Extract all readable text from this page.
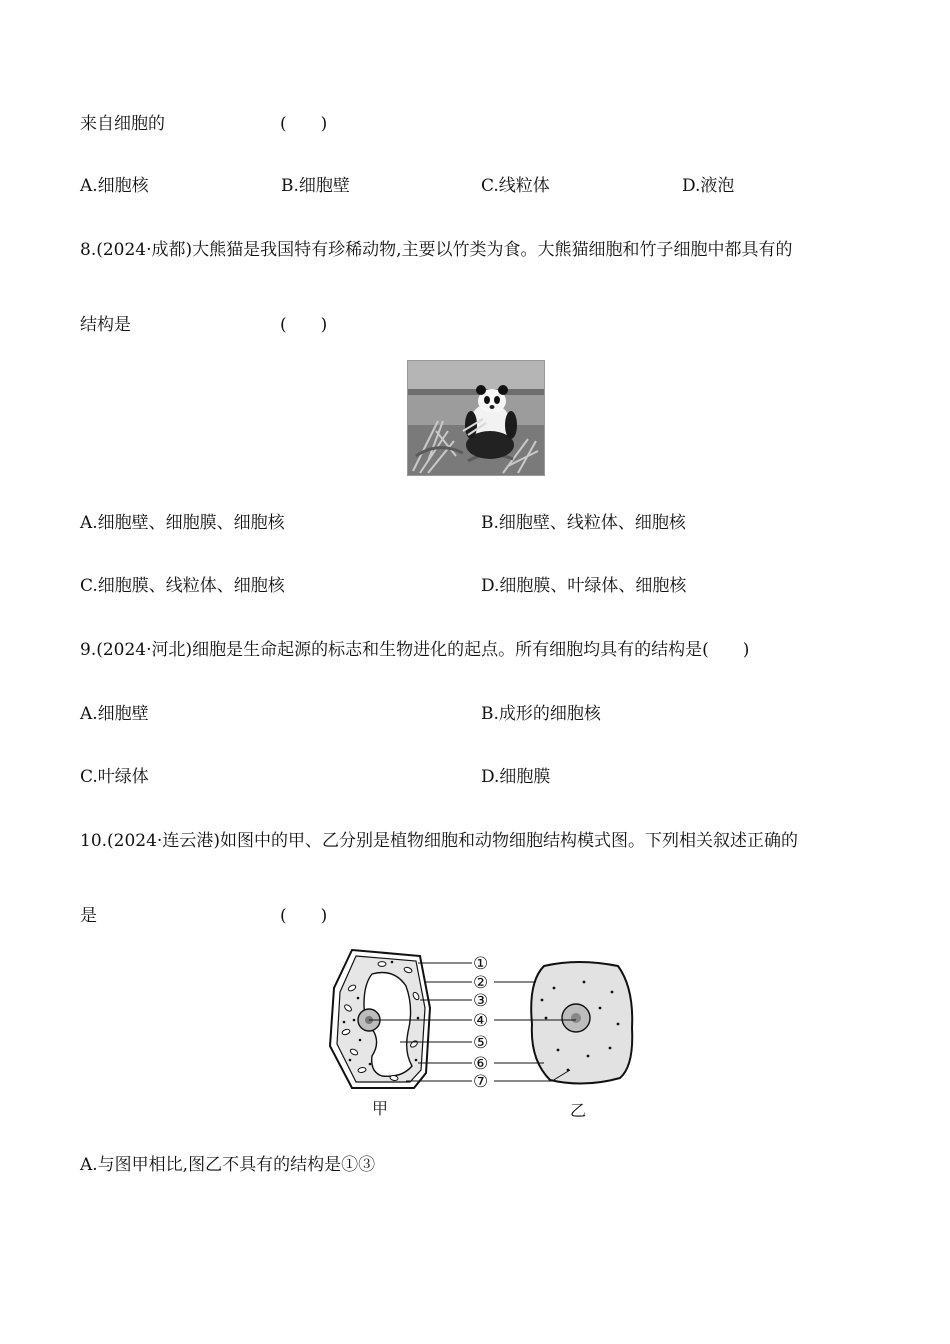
来自细胞的	(　　)
A.细胞核	B.细胞壁	C.线粒体	D.液泡
8.(2024·成都)大熊猫是我国特有珍稀动物,主要以竹类为食。大熊猫细胞和竹子细胞中都具有的
结构是	(　　)
A.细胞壁、细胞膜、细胞核	B.细胞壁、线粒体、细胞核
C.细胞膜、线粒体、细胞核	D.细胞膜、叶绿体、细胞核
9.(2024·河北)细胞是生命起源的标志和生物进化的起点。所有细胞均具有的结构是(　　)
A.细胞壁	B.成形的细胞核
C.叶绿体	D.细胞膜
10.(2024·连云港)如图中的甲、乙分别是植物细胞和动物细胞结构模式图。下列相关叙述正确的
是	(　　)
①
②
③
④
⑤
⑥
⑦
甲	乙
A.与图甲相比,图乙不具有的结构是①③
